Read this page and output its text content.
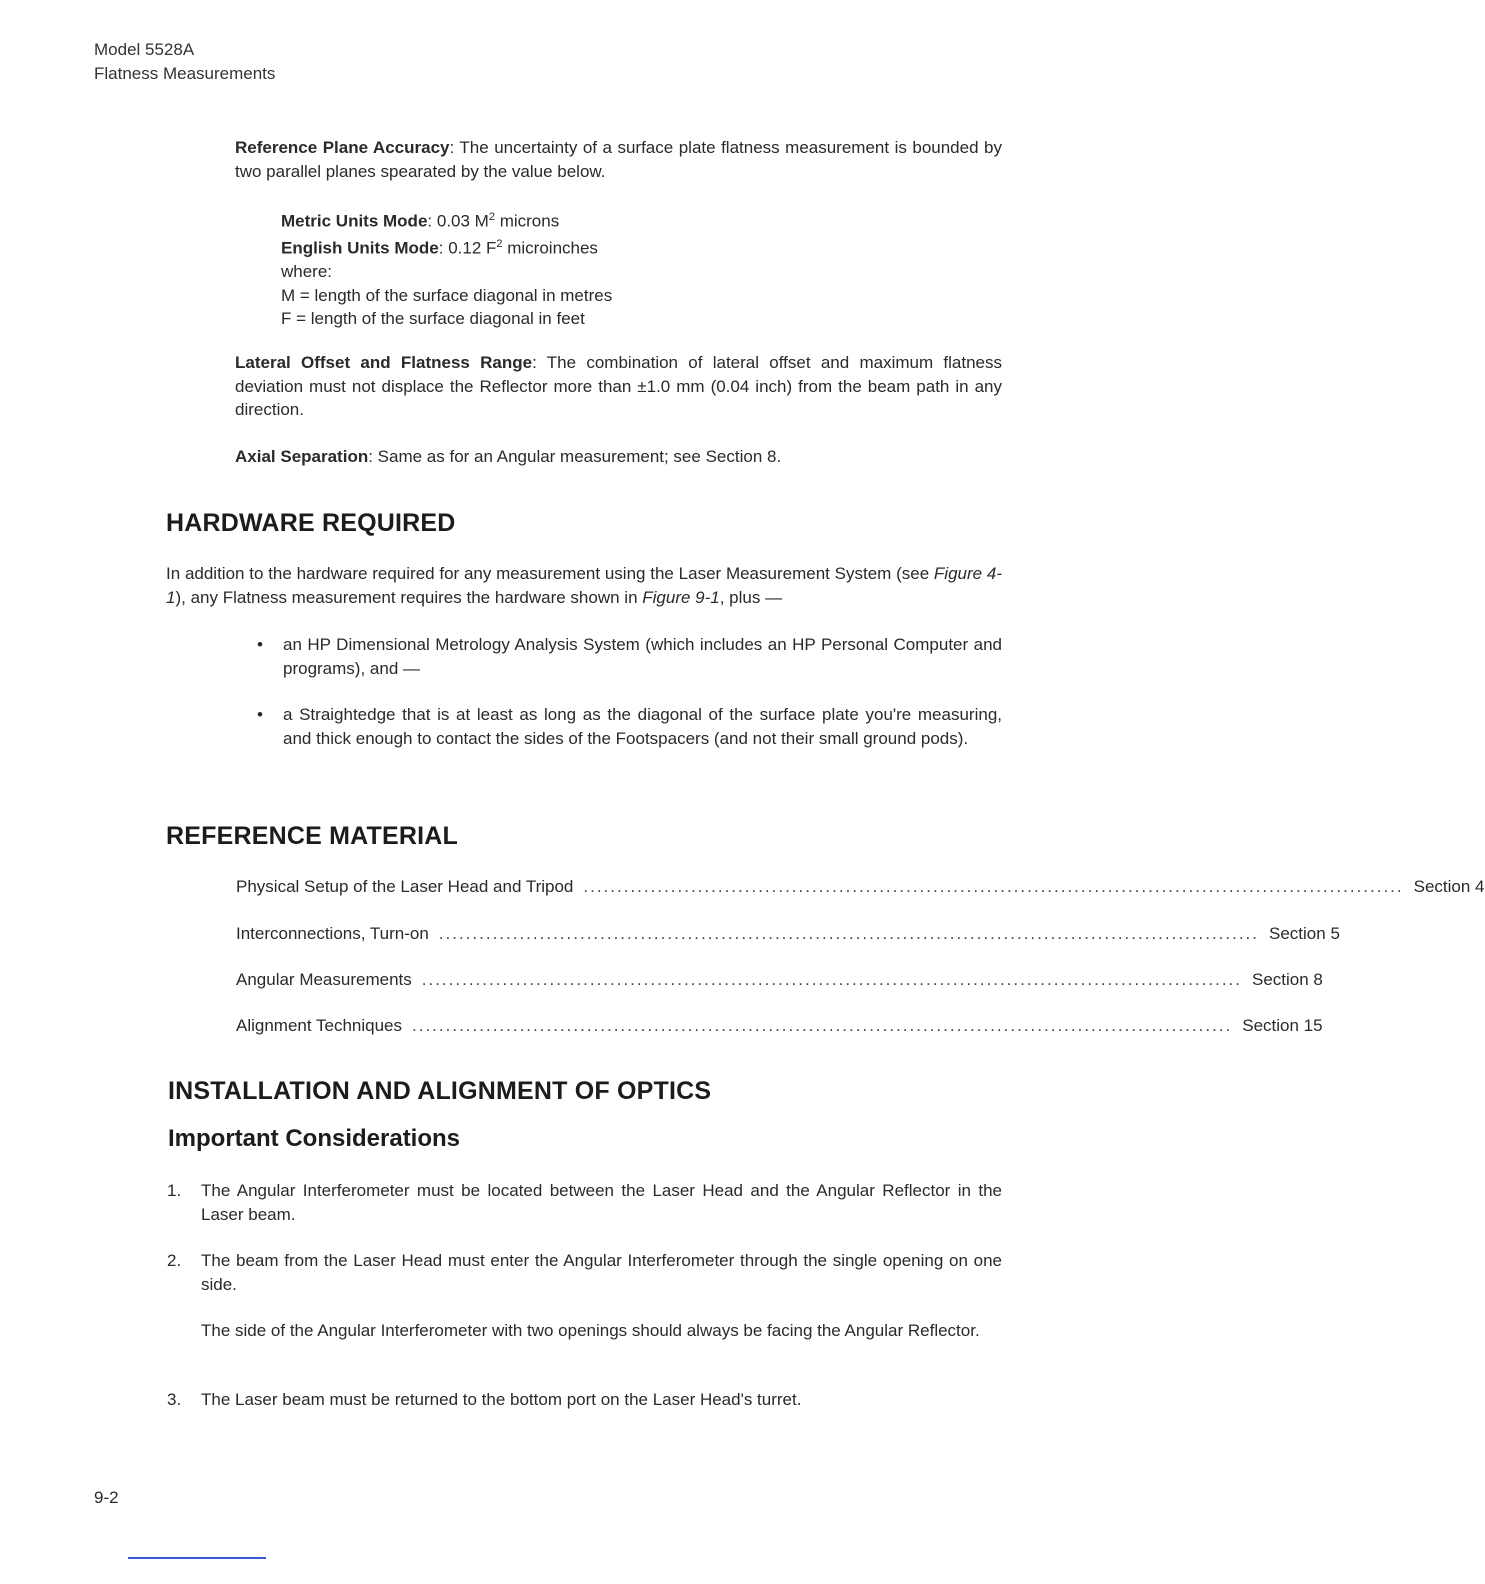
Model 5528A
Flatness Measurements
Reference Plane Accuracy: The uncertainty of a surface plate flatness measurement is bounded by two parallel planes spearated by the value below.
Metric Units Mode: 0.03 $M^2$ microns
English Units Mode: 0.12 $F^2$ microinches
where:
M = length of the surface diagonal in metres
F = length of the surface diagonal in feet
Lateral Offset and Flatness Range: The combination of lateral offset and maximum flatness deviation must not displace the Reflector more than ±1.0 mm (0.04 inch) from the beam path in any direction.
Axial Separation: Same as for an Angular measurement; see Section 8.
HARDWARE REQUIRED
In addition to the hardware required for any measurement using the Laser Measurement System (see Figure 4-1), any Flatness measurement requires the hardware shown in Figure 9-1, plus —
• an HP Dimensional Metrology Analysis System (which includes an HP Personal Computer and programs), and —
• a Straightedge that is at least as long as the diagonal of the surface plate you're measuring, and thick enough to contact the sides of the Footspacers (and not their small ground pods).
REFERENCE MATERIAL
Physical Setup of the Laser Head and Tripod .......................................................................................................................... Section 4
Interconnections, Turn-on .......................................................................................................................... Section 5
Angular Measurements .......................................................................................................................... Section 8
Alignment Techniques .......................................................................................................................... Section 15
INSTALLATION AND ALIGNMENT OF OPTICS
Important Considerations
1. The Angular Interferometer must be located between the Laser Head and the Angular Reflector in the Laser beam.
2. The beam from the Laser Head must enter the Angular Interferometer through the single opening on one side.
The side of the Angular Interferometer with two openings should always be facing the Angular Reflector.
3. The Laser beam must be returned to the bottom port on the Laser Head's turret.
9-2
